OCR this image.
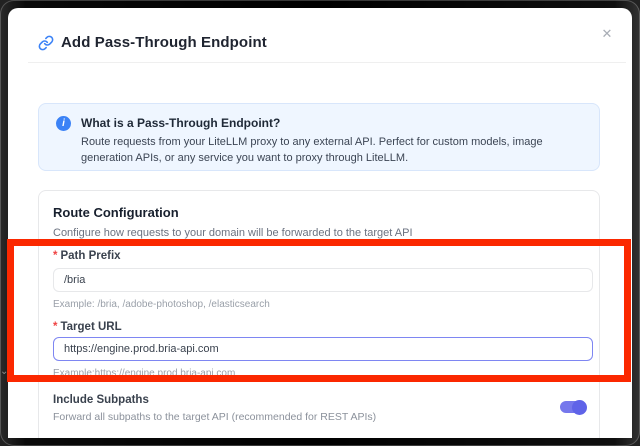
✕
Add Pass-Through Endpoint
i	What is a Pass-Through Endpoint?
Route requests from your LiteLLM proxy to any external API. Perfect for custom models, image generation APIs, or any service you want to proxy through LiteLLM.
Route Configuration
Configure how requests to your domain will be forwarded to the target API
* Path Prefix
/bria
Example: /bria, /adobe-photoshop, /elasticsearch
* Target URL
https://engine.prod.bria-api.com
Example:https://engine.prod.bria-api.com
Include Subpaths
Forward all subpaths to the target API (recommended for REST APIs)
⌄
